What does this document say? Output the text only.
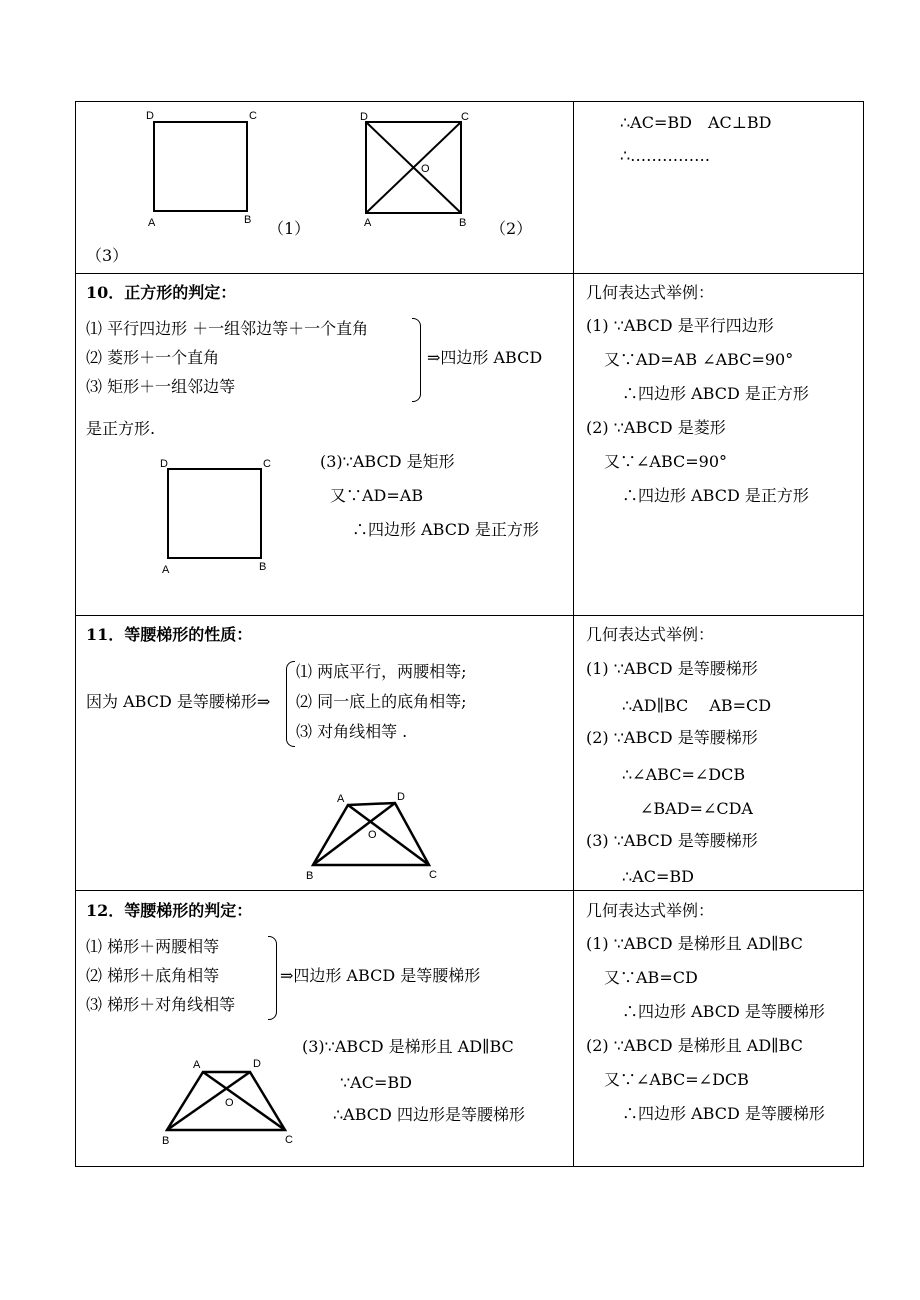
D	C
A	B （1）
D	C
A	B
O
（2）
（3）
∴AC=BD　AC⊥BD
∴……………
10．正方形的判定：
⑴ 平行四边形 ＋一组邻边等＋一个直角
⑵ 菱形＋一个直角
⑶ 矩形＋一组邻边等
⇒四边形 ABCD
是正方形.
D	C
A	B
(3)∵ABCD 是矩形
又∵AD=AB
∴四边形 ABCD 是正方形
几何表达式举例：
(1) ∵ABCD 是平行四边形
又∵AD=AB ∠ABC=90°
∴四边形 ABCD 是正方形
(2) ∵ABCD 是菱形
又∵∠ABC=90°
∴四边形 ABCD 是正方形
11．等腰梯形的性质：
因为 ABCD 是等腰梯形⇒
⑴ 两底平行，两腰相等;
⑵ 同一底上的底角相等;
⑶ 对角线相等 .
A	D
B	C
O
几何表达式举例：
(1) ∵ABCD 是等腰梯形
∴AD∥BC　 AB=CD
(2) ∵ABCD 是等腰梯形
∴∠ABC=∠DCB
∠BAD=∠CDA
(3) ∵ABCD 是等腰梯形
∴AC=BD
12．等腰梯形的判定：
⑴ 梯形＋两腰相等
⑵ 梯形＋底角相等
⑶ 梯形＋对角线相等
⇒四边形 ABCD 是等腰梯形
A	D
B	C
O
(3)∵ABCD 是梯形且 AD∥BC
∵AC=BD
∴ABCD 四边形是等腰梯形
几何表达式举例：
(1) ∵ABCD 是梯形且 AD∥BC
又∵AB=CD
∴四边形 ABCD 是等腰梯形
(2) ∵ABCD 是梯形且 AD∥BC
又∵∠ABC=∠DCB
∴四边形 ABCD 是等腰梯形
